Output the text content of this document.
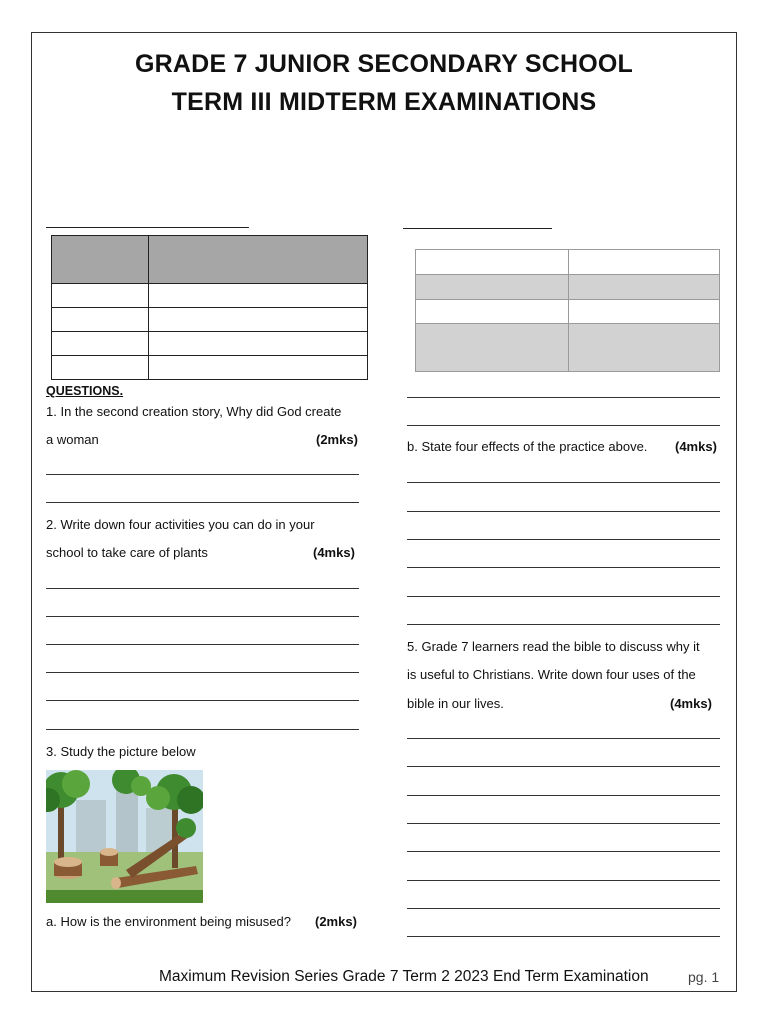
GRADE 7 JUNIOR SECONDARY SCHOOL
TERM III MIDTERM EXAMINATIONS

QUESTIONS.
1. In the second creation story, Why did God create
a woman	(2mks)
2. Write down four activities you can do in your
school to take care of plants	(4mks)
3. Study the picture below
a. How is the environment being misused? (2mks)

b. State four effects of the practice above. (4mks)
5. Grade 7 learners read the bible to discuss why it
is useful to Christians. Write down four uses of the
bible in our lives.	(4mks)
Maximum Revision Series Grade 7 Term 2 2023 End Term Examination	pg. 1
